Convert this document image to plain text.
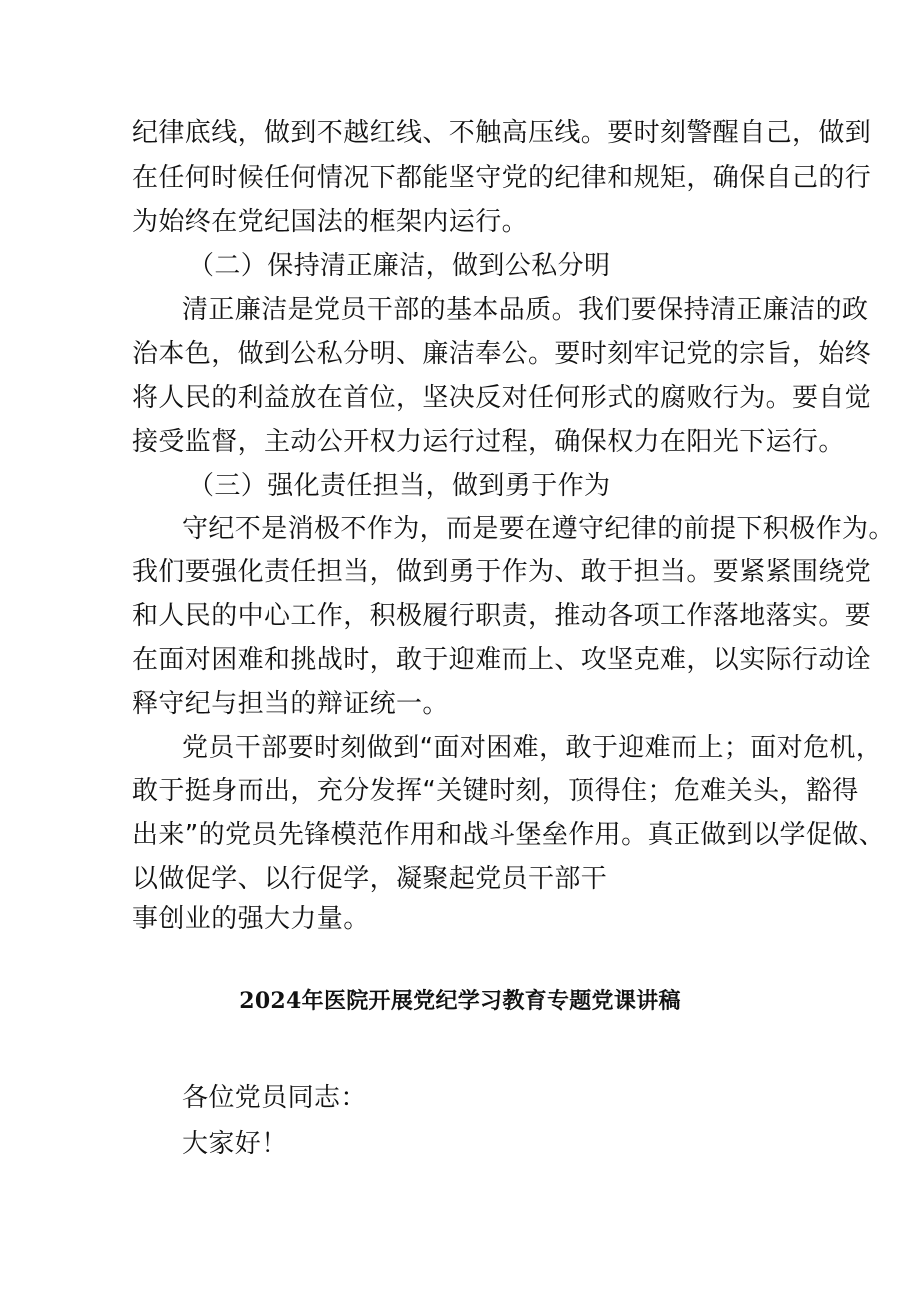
纪律底线，做到不越红线、不触高压线。要时刻警醒自己，做到
在任何时候任何情况下都能坚守党的纪律和规矩，确保自己的行
为始终在党纪国法的框架内运行。
（二）保持清正廉洁，做到公私分明
清正廉洁是党员干部的基本品质。我们要保持清正廉洁的政
治本色，做到公私分明、廉洁奉公。要时刻牢记党的宗旨，始终
将人民的利益放在首位，坚决反对任何形式的腐败行为。要自觉
接受监督，主动公开权力运行过程，确保权力在阳光下运行。
（三）强化责任担当，做到勇于作为
守纪不是消极不作为，而是要在遵守纪律的前提下积极作为。
我们要强化责任担当，做到勇于作为、敢于担当。要紧紧围绕党
和人民的中心工作，积极履行职责，推动各项工作落地落实。要
在面对困难和挑战时，敢于迎难而上、攻坚克难，以实际行动诠
释守纪与担当的辩证统一。
党员干部要时刻做到“面对困难，敢于迎难而上；面对危机，
敢于挺身而出，充分发挥“关键时刻，顶得住；危难关头，豁得
出来”的党员先锋模范作用和战斗堡垒作用。真正做到以学促做、
以做促学、以行促学，凝聚起党员干部干
事创业的强大力量。
2024年医院开展党纪学习教育专题党课讲稿
各位党员同志：
大家好！
